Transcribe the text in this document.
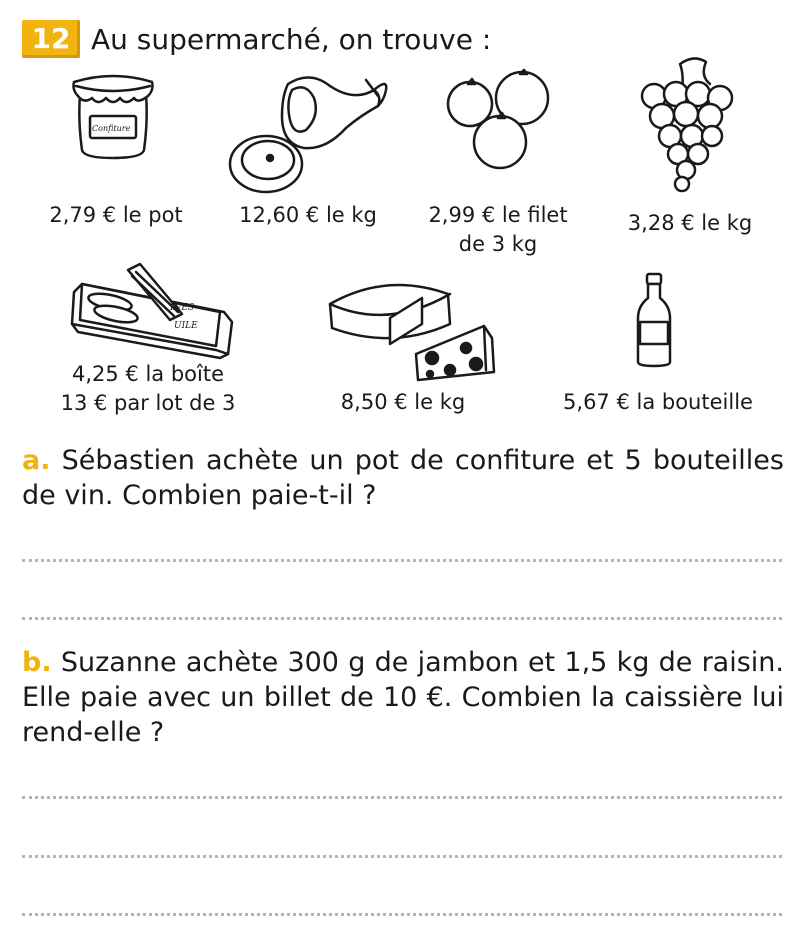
12 Au supermarché, on trouve :
Confiture
INES
UILE
2,79 € le pot	12,60 € le kg	2,99 € le filet
de 3 kg
3,28 € le kg
4,25 € la boîte
13 € par lot de 3	8,50 € le kg	5,67 € la bouteille
a. Sébastien achète un pot de confiture et 5 bouteilles de vin. Combien paie-t-il ?
b. Suzanne achète 300 g de jambon et 1,5 kg de raisin. Elle paie avec un billet de 10 €. Combien la caissière lui rend-elle ?
